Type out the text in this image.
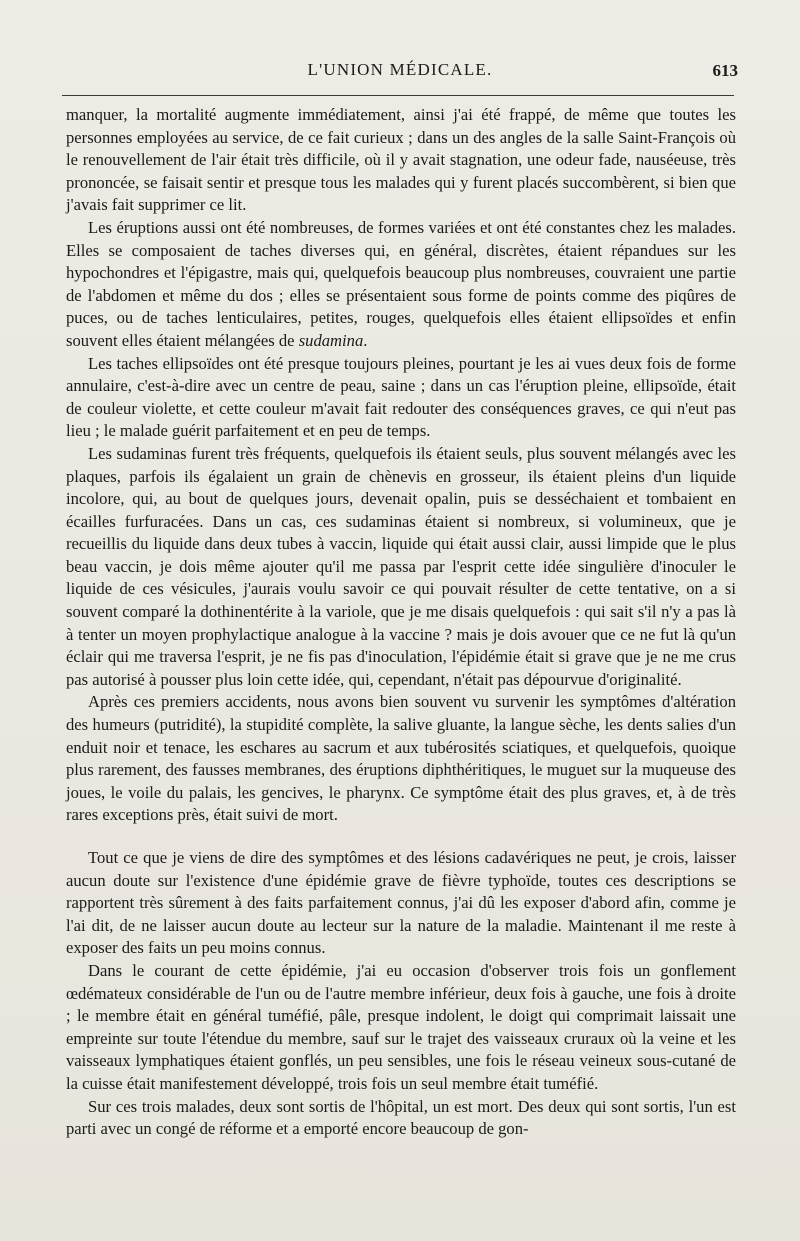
L'UNION MÉDICALE.	613

manquer, la mortalité augmente immédiatement, ainsi j'ai été frappé, de même que toutes les personnes employées au service, de ce fait curieux ; dans un des angles de la salle Saint-François où le renouvellement de l'air était très difficile, où il y avait stagnation, une odeur fade, nauséeuse, très prononcée, se faisait sentir et presque tous les malades qui y furent placés succombèrent, si bien que j'avais fait supprimer ce lit.

Les éruptions aussi ont été nombreuses, de formes variées et ont été constantes chez les malades. Elles se composaient de taches diverses qui, en général, discrètes, étaient répandues sur les hypochondres et l'épigastre, mais qui, quelquefois beaucoup plus nombreuses, couvraient une partie de l'abdomen et même du dos ; elles se présentaient sous forme de points comme des piqûres de puces, ou de taches lenticulaires, petites, rouges, quelquefois elles étaient ellipsoïdes et enfin souvent elles étaient mélangées de sudamina.

Les taches ellipsoïdes ont été presque toujours pleines, pourtant je les ai vues deux fois de forme annulaire, c'est-à-dire avec un centre de peau, saine ; dans un cas l'éruption pleine, ellipsoïde, était de couleur violette, et cette couleur m'avait fait redouter des conséquences graves, ce qui n'eut pas lieu ; le malade guérit parfaitement et en peu de temps.

Les sudaminas furent très fréquents, quelquefois ils étaient seuls, plus souvent mélangés avec les plaques, parfois ils égalaient un grain de chènevis en grosseur, ils étaient pleins d'un liquide incolore, qui, au bout de quelques jours, devenait opalin, puis se desséchaient et tombaient en écailles furfuracées. Dans un cas, ces sudaminas étaient si nombreux, si volumineux, que je recueillis du liquide dans deux tubes à vaccin, liquide qui était aussi clair, aussi limpide que le plus beau vaccin, je dois même ajouter qu'il me passa par l'esprit cette idée singulière d'inoculer le liquide de ces vésicules, j'aurais voulu savoir ce qui pouvait résulter de cette tentative, on a si souvent comparé la dothinentérite à la variole, que je me disais quelquefois : qui sait s'il n'y a pas là à tenter un moyen prophylactique analogue à la vaccine ? mais je dois avouer que ce ne fut là qu'un éclair qui me traversa l'esprit, je ne fis pas d'inoculation, l'épidémie était si grave que je ne me crus pas autorisé à pousser plus loin cette idée, qui, cependant, n'était pas dépourvue d'originalité.

Après ces premiers accidents, nous avons bien souvent vu survenir les symptômes d'altération des humeurs (putridité), la stupidité complète, la salive gluante, la langue sèche, les dents salies d'un enduit noir et tenace, les eschares au sacrum et aux tubérosités sciatiques, et quelquefois, quoique plus rarement, des fausses membranes, des éruptions diphthéritiques, le muguet sur la muqueuse des joues, le voile du palais, les gencives, le pharynx. Ce symptôme était des plus graves, et, à de très rares exceptions près, était suivi de mort.

Tout ce que je viens de dire des symptômes et des lésions cadavériques ne peut, je crois, laisser aucun doute sur l'existence d'une épidémie grave de fièvre typhoïde, toutes ces descriptions se rapportent très sûrement à des faits parfaitement connus, j'ai dû les exposer d'abord afin, comme je l'ai dit, de ne laisser aucun doute au lecteur sur la nature de la maladie. Maintenant il me reste à exposer des faits un peu moins connus.

Dans le courant de cette épidémie, j'ai eu occasion d'observer trois fois un gonflement œdémateux considérable de l'un ou de l'autre membre inférieur, deux fois à gauche, une fois à droite ; le membre était en général tuméfié, pâle, presque indolent, le doigt qui comprimait laissait une empreinte sur toute l'étendue du membre, sauf sur le trajet des vaisseaux cruraux où la veine et les vaisseaux lymphatiques étaient gonflés, un peu sensibles, une fois le réseau veineux sous-cutané de la cuisse était manifestement développé, trois fois un seul membre était tuméfié.

Sur ces trois malades, deux sont sortis de l'hôpital, un est mort. Des deux qui sont sortis, l'un est parti avec un congé de réforme et a emporté encore beaucoup de gon-
